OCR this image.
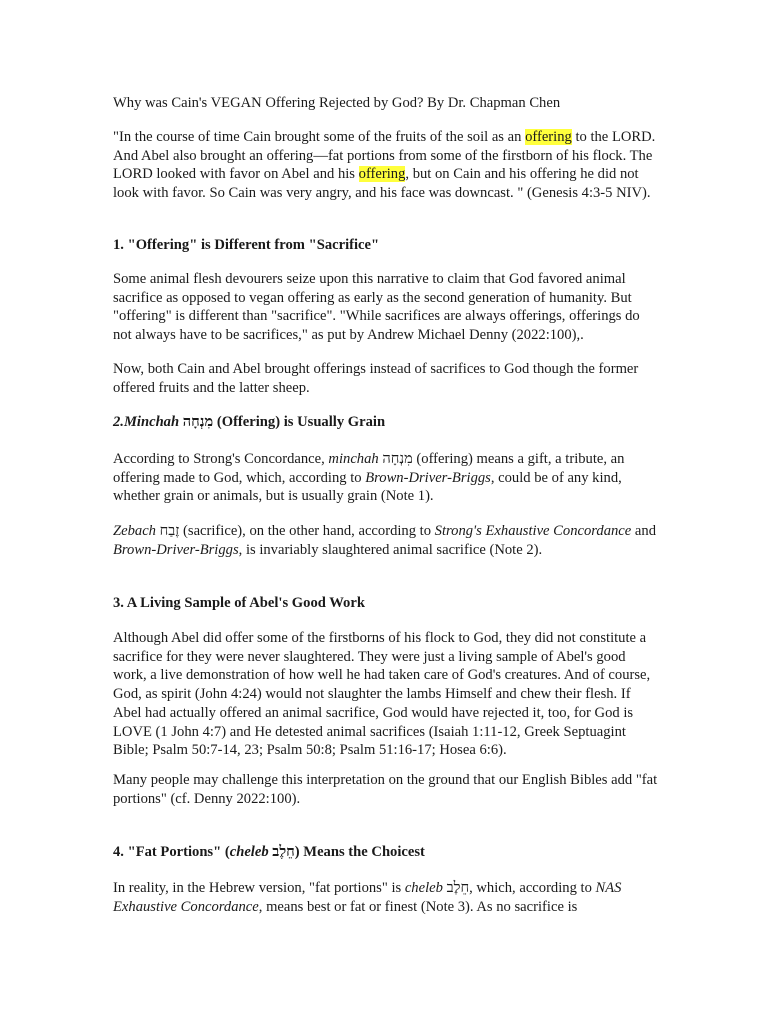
Why was Cain's VEGAN Offering Rejected by God? By Dr. Chapman Chen

"In the course of time Cain brought some of the fruits of the soil as an offering to the LORD. And Abel also brought an offering—fat portions from some of the firstborn of his flock. The LORD looked with favor on Abel and his offering, but on Cain and his offering he did not look with favor. So Cain was very angry, and his face was downcast. " (Genesis 4:3-5 NIV).

1. "Offering" is Different from "Sacrifice"

Some animal flesh devourers seize upon this narrative to claim that God favored animal sacrifice as opposed to vegan offering as early as the second generation of humanity. But "offering" is different than "sacrifice". "While sacrifices are always offerings, offerings do not always have to be sacrifices," as put by Andrew Michael Denny (2022:100),.

Now, both Cain and Abel brought offerings instead of sacrifices to God though the former offered fruits and the latter sheep.

2.Minchah מִנְחָה (Offering) is Usually Grain

According to Strong's Concordance, minchah מִנְחָה (offering) means a gift, a tribute, an offering made to God, which, according to Brown-Driver-Briggs, could be of any kind, whether grain or animals, but is usually grain (Note 1).

Zebach זֶבַח (sacrifice), on the other hand, according to Strong's Exhaustive Concordance and Brown-Driver-Briggs, is invariably slaughtered animal sacrifice (Note 2).

3. A Living Sample of Abel's Good Work

Although Abel did offer some of the firstborns of his flock to God, they did not constitute a sacrifice for they were never slaughtered. They were just a living sample of Abel's good work, a live demonstration of how well he had taken care of God's creatures. And of course, God, as spirit (John 4:24) would not slaughter the lambs Himself and chew their flesh. If Abel had actually offered an animal sacrifice, God would have rejected it, too, for God is LOVE (1 John 4:7) and He detested animal sacrifices (Isaiah 1:11-12, Greek Septuagint Bible; Psalm 50:7-14, 23; Psalm 50:8; Psalm 51:16-17; Hosea 6:6).

Many people may challenge this interpretation on the ground that our English Bibles add "fat portions" (cf. Denny 2022:100).

4. "Fat Portions" (cheleb חֵלֶב) Means the Choicest

In reality, in the Hebrew version, "fat portions" is cheleb חֵלֶב, which, according to NAS Exhaustive Concordance, means best or fat or finest (Note 3). As no sacrifice is
